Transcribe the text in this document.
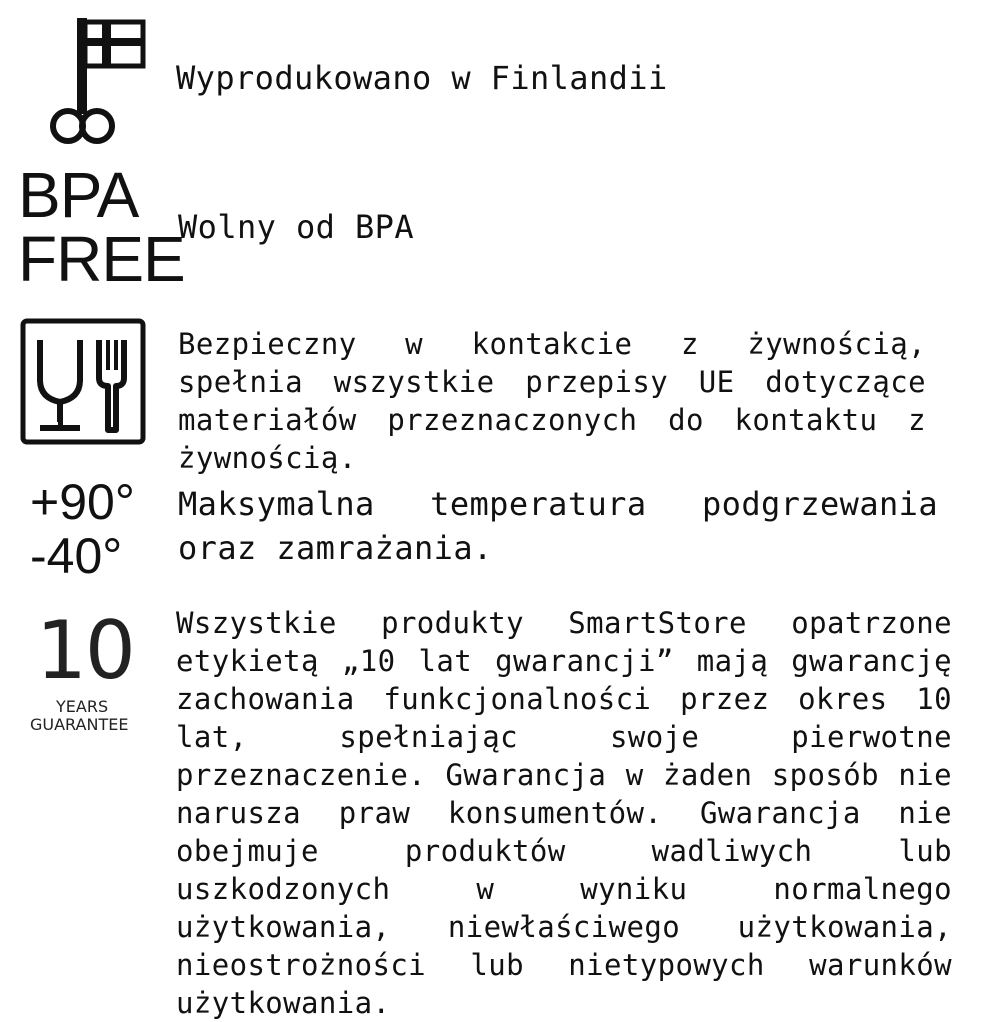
Wyprodukowano w Finlandii
BPA
FREE
Wolny od BPA
Bezpieczny w kontakcie z żywnością, spełnia wszystkie przepisy UE dotyczące materiałów przeznaczonych do kontaktu z żywnością.
+90°
-40°
Maksymalna temperatura podgrzewania oraz zamrażania.
10
YEARS
GUARANTEE
Wszystkie produkty SmartStore opatrzone etykietą „10 lat gwarancji” mają gwarancję zachowania funkcjonalności przez okres 10 lat, spełniając swoje pierwotne przeznaczenie. Gwarancja w żaden sposób nie narusza praw konsumentów. Gwarancja nie obejmuje produktów wadliwych lub uszkodzonych w wyniku normalnego użytkowania, niewłaściwego użytkowania, nieostrożności lub nietypowych warunków użytkowania.
